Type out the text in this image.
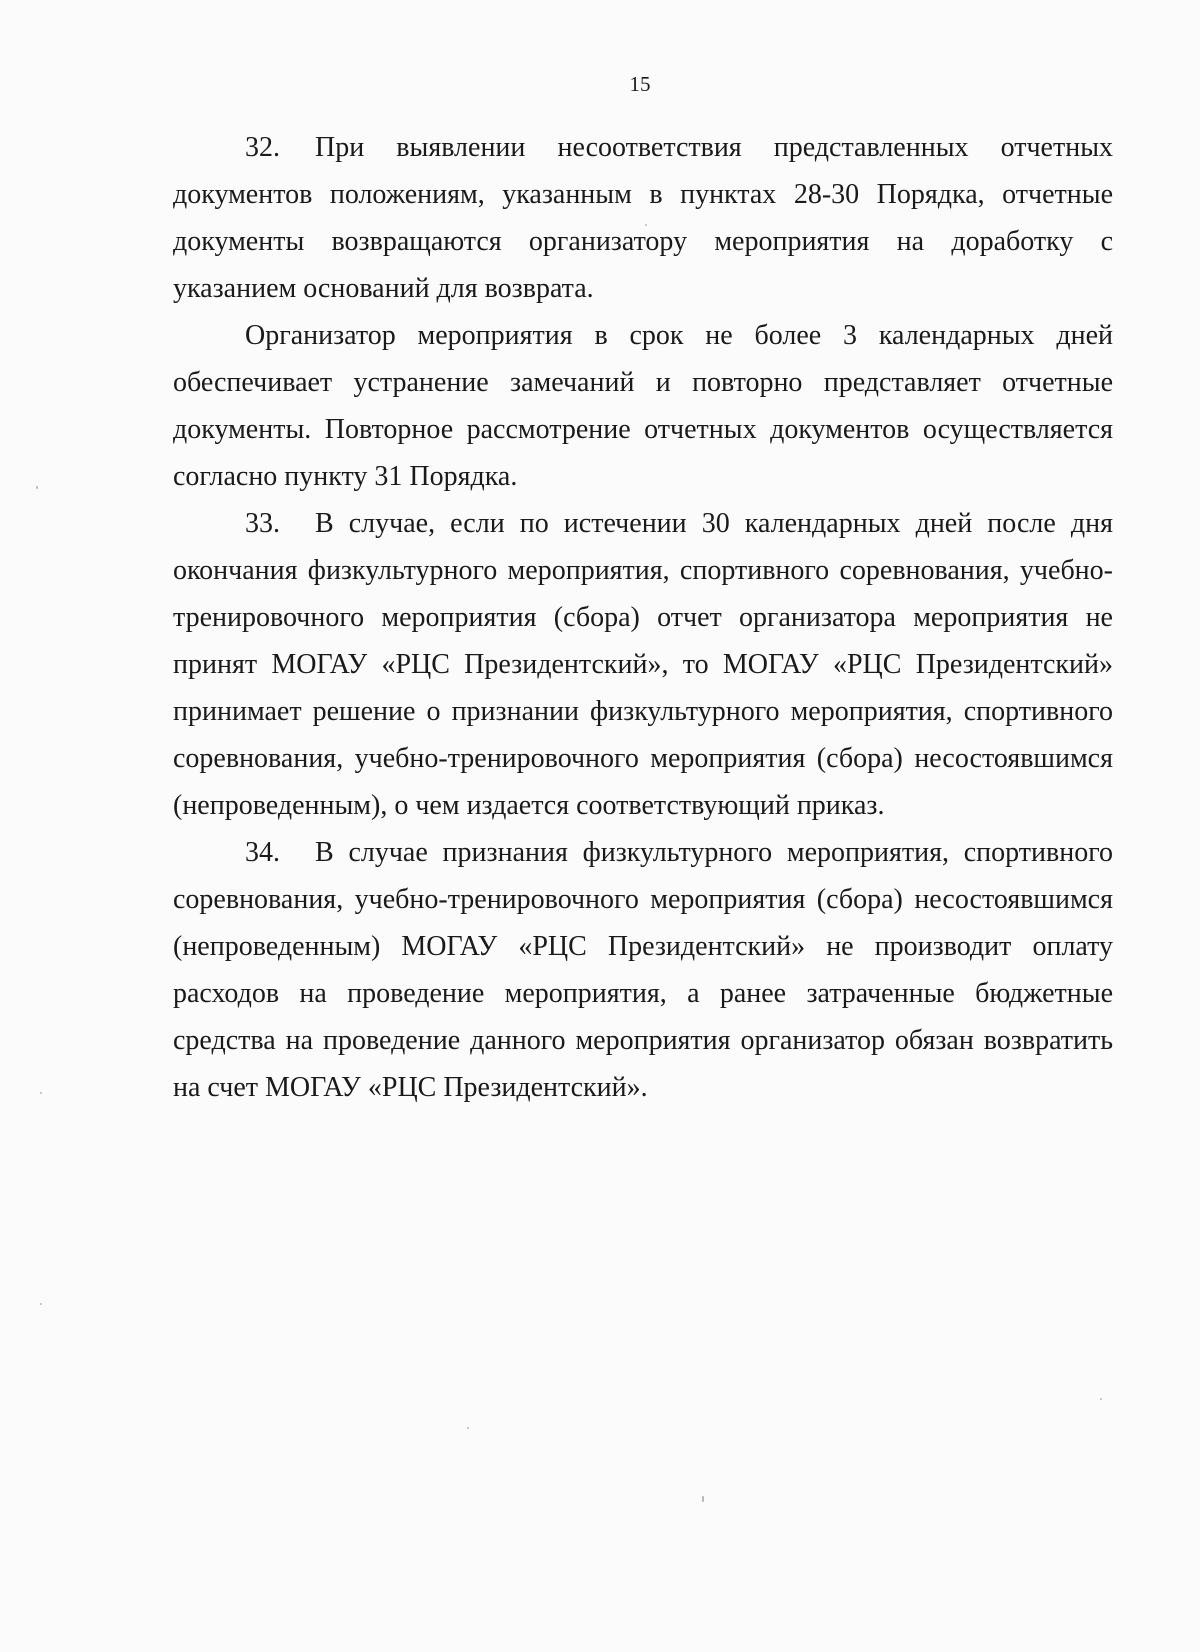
15

32. При выявлении несоответствия представленных отчетных документов положениям, указанным в пунктах 28-30 Порядка, отчетные документы возвращаются организатору мероприятия на доработку с указанием оснований для возврата.

Организатор мероприятия в срок не более 3 календарных дней обеспечивает устранение замечаний и повторно представляет отчетные документы. Повторное рассмотрение отчетных документов осуществляется согласно пункту 31 Порядка.

33. В случае, если по истечении 30 календарных дней после дня окончания физкультурного мероприятия, спортивного соревнования, учебно-тренировочного мероприятия (сбора) отчет организатора мероприятия не принят МОГАУ «РЦС Президентский», то МОГАУ «РЦС Президентский» принимает решение о признании физкультурного мероприятия, спортивного соревнования, учебно-тренировочного мероприятия (сбора) несостоявшимся (непроведенным), о чем издается соответствующий приказ.

34. В случае признания физкультурного мероприятия, спортивного соревнования, учебно-тренировочного мероприятия (сбора) несостоявшимся (непроведенным) МОГАУ «РЦС Президентский» не производит оплату расходов на проведение мероприятия, а ранее затраченные бюджетные средства на проведение данного мероприятия организатор обязан возвратить на счет МОГАУ «РЦС Президентский».
